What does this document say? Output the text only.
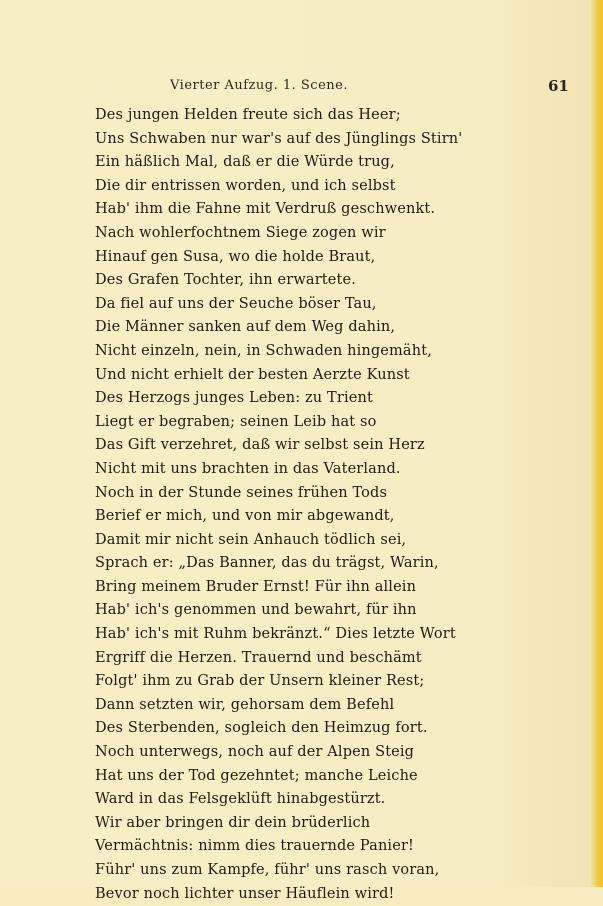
Vierter Aufzug. 1. Scene.	61
Des jungen Helden freute sich das Heer;
Uns Schwaben nur war's auf des Jünglings Stirn'
Ein häßlich Mal, daß er die Würde trug,
Die dir entrissen worden, und ich selbst
Hab' ihm die Fahne mit Verdruß geschwenkt.
Nach wohlerfochtnem Siege zogen wir
Hinauf gen Susa, wo die holde Braut,
Des Grafen Tochter, ihn erwartete.
Da fiel auf uns der Seuche böser Tau,
Die Männer sanken auf dem Weg dahin,
Nicht einzeln, nein, in Schwaden hingemäht,
Und nicht erhielt der besten Aerzte Kunst
Des Herzogs junges Leben: zu Trient
Liegt er begraben; seinen Leib hat so
Das Gift verzehret, daß wir selbst sein Herz
Nicht mit uns brachten in das Vaterland.
Noch in der Stunde seines frühen Tods
Berief er mich, und von mir abgewandt,
Damit mir nicht sein Anhauch tödlich sei,
Sprach er: „Das Banner, das du trägst, Warin,
Bring meinem Bruder Ernst! Für ihn allein
Hab' ich's genommen und bewahrt, für ihn
Hab' ich's mit Ruhm bekränzt.“ Dies letzte Wort
Ergriff die Herzen. Trauernd und beschämt
Folgt' ihm zu Grab der Unsern kleiner Rest;
Dann setzten wir, gehorsam dem Befehl
Des Sterbenden, sogleich den Heimzug fort.
Noch unterwegs, noch auf der Alpen Steig
Hat uns der Tod gezehntet; manche Leiche
Ward in das Felsgeklüft hinabgestürzt.
Wir aber bringen dir dein brüderlich
Vermächtnis: nimm dies trauernde Panier!
Führ' uns zum Kampfe, führ' uns rasch voran,
Bevor noch lichter unser Häuflein wird!
